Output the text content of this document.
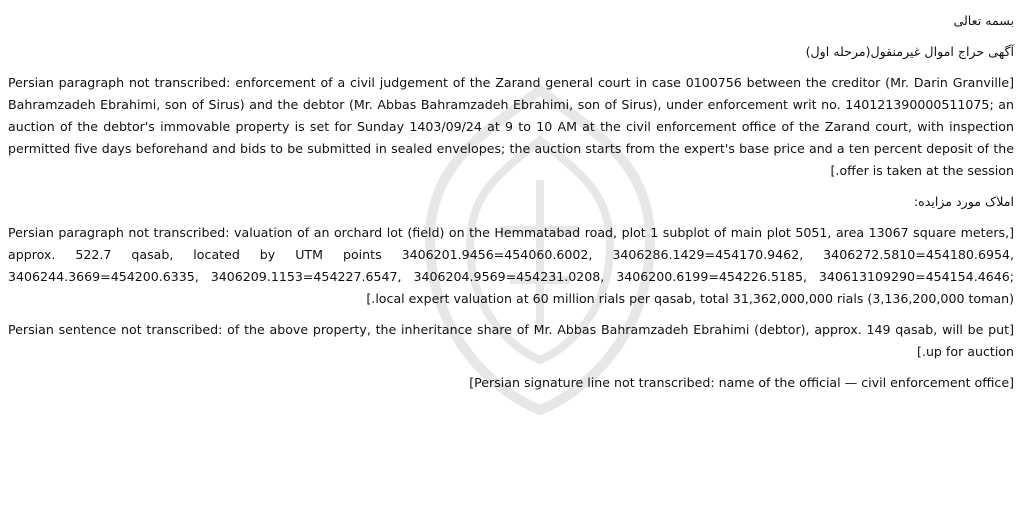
بسمه تعالی

آگهی حراج اموال غیرمنقول(مرحله اول)

[Persian paragraph not transcribed: enforcement of a civil judgement of the Zarand general court in case 0100756 between the creditor (Mr. Darin Granville Bahramzadeh Ebrahimi, son of Sirus) and the debtor (Mr. Abbas Bahramzadeh Ebrahimi, son of Sirus), under enforcement writ no. 140121390000511075; an auction of the debtor's immovable property is set for Sunday 1403/09/24 at 9 to 10 AM at the civil enforcement office of the Zarand court, with inspection permitted five days beforehand and bids to be submitted in sealed envelopes; the auction starts from the expert's base price and a ten percent deposit of the offer is taken at the session.]

املاک مورد مزایده:

[Persian paragraph not transcribed: valuation of an orchard lot (field) on the Hemmatabad road, plot 1 subplot of main plot 5051, area 13067 square meters, approx. 522.7 qasab, located by UTM points 3406201.9456=454060.6002, 3406286.1429=454170.9462, 3406272.5810=454180.6954, 3406244.3669=454200.6335, 3406209.1153=454227.6547, 3406204.9569=454231.0208, 3406200.6199=454226.5185, 340613109290=454154.4646; local expert valuation at 60 million rials per qasab, total 31,362,000,000 rials (3,136,200,000 toman).]

[Persian sentence not transcribed: of the above property, the inheritance share of Mr. Abbas Bahramzadeh Ebrahimi (debtor), approx. 149 qasab, will be put up for auction.]

[Persian signature line not transcribed: name of the official — civil enforcement office]
